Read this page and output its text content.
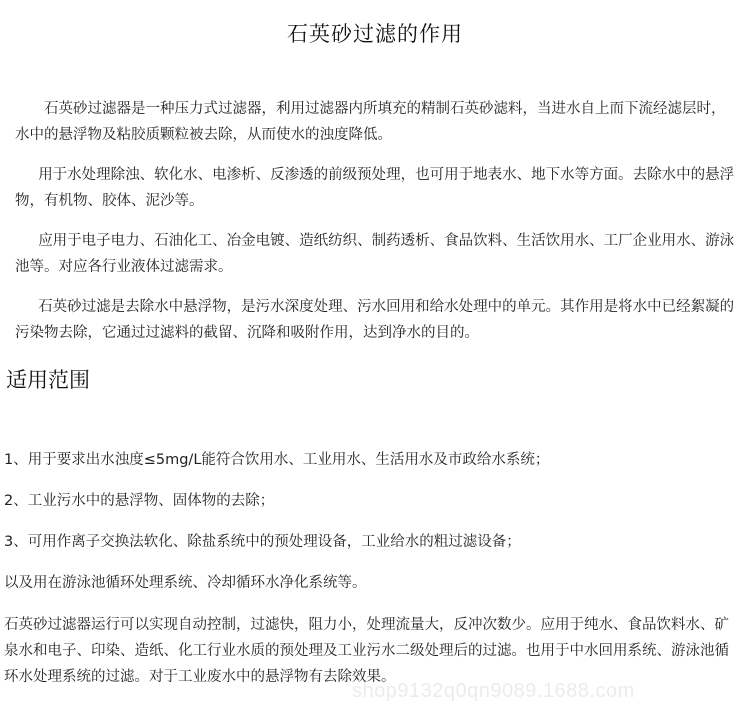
石英砂过滤的作用

石英砂过滤器是一种压力式过滤器，利用过滤器内所填充的精制石英砂滤料，当进水自上而下流经滤层时，水中的悬浮物及粘胶质颗粒被去除，从而使水的浊度降低。

用于水处理除浊、软化水、电渗析、反渗透的前级预处理，也可用于地表水、地下水等方面。去除水中的悬浮物，有机物、胶体、泥沙等。

应用于电子电力、石油化工、冶金电镀、造纸纺织、制药透析、食品饮料、生活饮用水、工厂企业用水、游泳池等。对应各行业液体过滤需求。

石英砂过滤是去除水中悬浮物，是污水深度处理、污水回用和给水处理中的单元。其作用是将水中已经絮凝的污染物去除，它通过过滤料的截留、沉降和吸附作用，达到净水的目的。

适用范围
1、用于要求出水浊度≤5mg/L能符合饮用水、工业用水、生活用水及市政给水系统；
2、工业污水中的悬浮物、固体物的去除；
3、可用作离子交换法软化、除盐系统中的预处理设备，工业给水的粗过滤设备；
以及用在游泳池循环处理系统、冷却循环水净化系统等。

石英砂过滤器运行可以实现自动控制，过滤快，阻力小，处理流量大，反冲次数少。应用于纯水、食品饮料水、矿泉水和电子、印染、造纸、化工行业水质的预处理及工业污水二级处理后的过滤。也用于中水回用系统、游泳池循环水处理系统的过滤。对于工业废水中的悬浮物有去除效果。

shop9132q0qn9089.1688.com
